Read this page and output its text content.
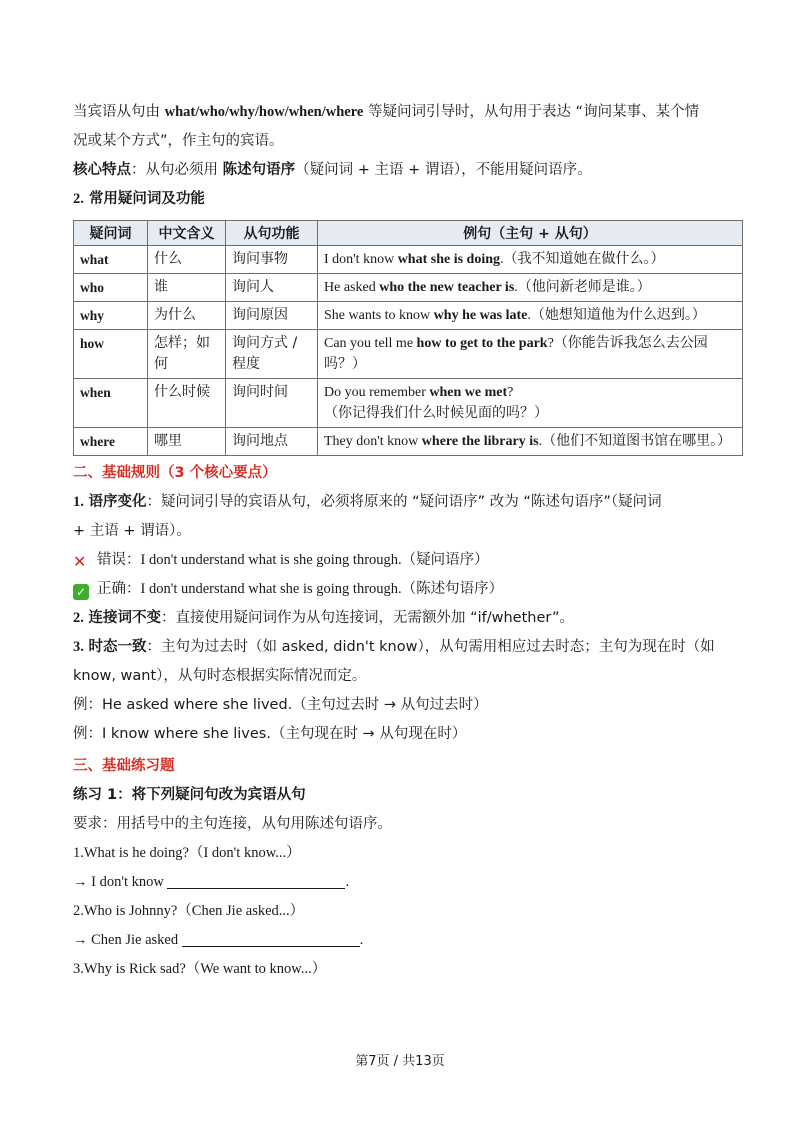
当宾语从句由 what/who/why/how/when/where 等疑问词引导时，从句用于表达 “询问某事、某个情

况或某个方式”，作主句的宾语。

核心特点：从句必须用 陈述句语序（疑问词 + 主语 + 谓语），不能用疑问语序。

2. 常用疑问词及功能

疑问词	中文含义	从句功能	例句（主句 + 从句）
what	什么	询问事物	I don't know what she is doing.（我不知道她在做什么。）
who	谁	询问人	He asked who the new teacher is.（他问新老师是谁。）
why	为什么	询问原因	She wants to know why he was late.（她想知道他为什么迟到。）
how	怎样；如何	询问方式 / 程度	Can you tell me how to get to the park?（你能告诉我怎么去公园吗？）
when	什么时候	询问时间	Do you remember when we met?（你记得我们什么时候见面的吗？）
where	哪里	询问地点	They don't know where the library is.（他们不知道图书馆在哪里。）

二、基础规则（3 个核心要点）

1. 语序变化：疑问词引导的宾语从句，必须将原来的 “疑问语序” 改为 “陈述句语序”（疑问词

+ 主语 + 谓语）。

✕ 错误：I don't understand what is she going through.（疑问语序）

✓ 正确：I don't understand what she is going through.（陈述句语序）

2. 连接词不变：直接使用疑问词作为从句连接词，无需额外加 “if/whether”。

3. 时态一致：主句为过去时（如 asked, didn't know），从句需用相应过去时态；主句为现在时（如

know, want），从句时态根据实际情况而定。

例：He asked where she lived.（主句过去时 → 从句过去时）

例：I know where she lives.（主句现在时 → 从句现在时）

三、基础练习题

练习 1：将下列疑问句改为宾语从句

要求：用括号中的主句连接，从句用陈述句语序。

1.What is he doing?（I don't know...）

→ I don't know	.

2.Who is Johnny?（Chen Jie asked...）

→ Chen Jie asked	.

3.Why is Rick sad?（We want to know...）

第7页 / 共13页
